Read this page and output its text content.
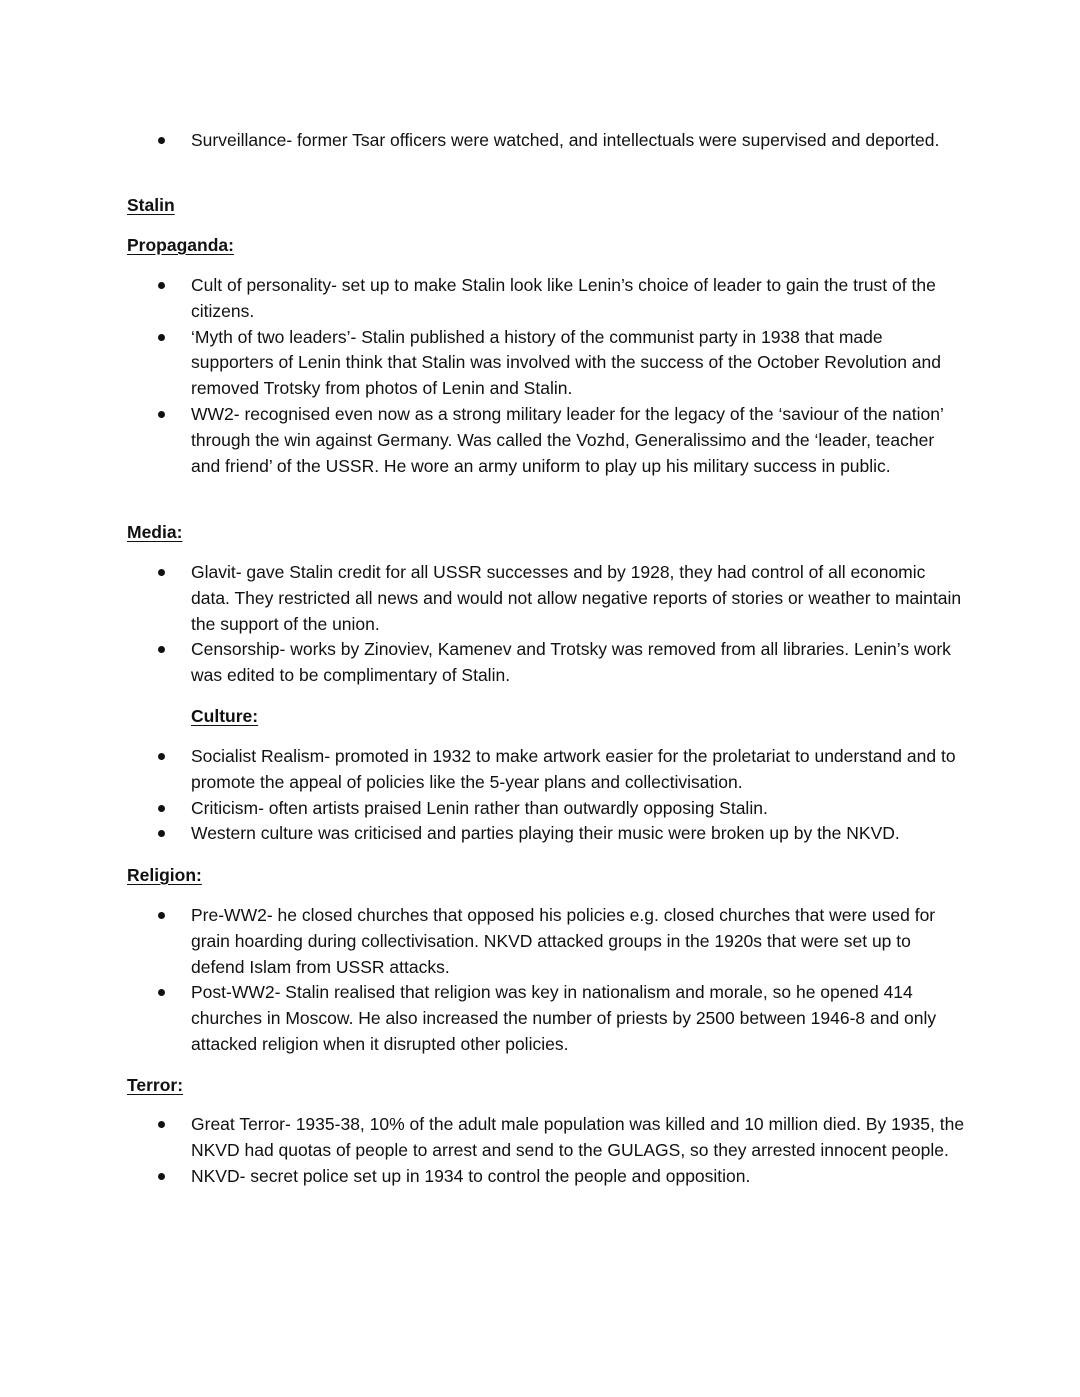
Surveillance- former Tsar officers were watched, and intellectuals were supervised and deported.
Stalin
Propaganda:
Cult of personality- set up to make Stalin look like Lenin’s choice of leader to gain the trust of the citizens.
‘Myth of two leaders’- Stalin published a history of the communist party in 1938 that made supporters of Lenin think that Stalin was involved with the success of the October Revolution and removed Trotsky from photos of Lenin and Stalin.
WW2- recognised even now as a strong military leader for the legacy of the ‘saviour of the nation’ through the win against Germany. Was called the Vozhd, Generalissimo and the ‘leader, teacher and friend’ of the USSR. He wore an army uniform to play up his military success in public.
Media:
Glavit- gave Stalin credit for all USSR successes and by 1928, they had control of all economic data. They restricted all news and would not allow negative reports of stories or weather to maintain the support of the union.
Censorship- works by Zinoviev, Kamenev and Trotsky was removed from all libraries. Lenin’s work was edited to be complimentary of Stalin.
Culture:
Socialist Realism- promoted in 1932 to make artwork easier for the proletariat to understand and to promote the appeal of policies like the 5-year plans and collectivisation.
Criticism- often artists praised Lenin rather than outwardly opposing Stalin.
Western culture was criticised and parties playing their music were broken up by the NKVD.
Religion:
Pre-WW2- he closed churches that opposed his policies e.g. closed churches that were used for grain hoarding during collectivisation. NKVD attacked groups in the 1920s that were set up to defend Islam from USSR attacks.
Post-WW2- Stalin realised that religion was key in nationalism and morale, so he opened 414 churches in Moscow. He also increased the number of priests by 2500 between 1946-8 and only attacked religion when it disrupted other policies.
Terror:
Great Terror- 1935-38, 10% of the adult male population was killed and 10 million died. By 1935, the NKVD had quotas of people to arrest and send to the GULAGS, so they arrested innocent people.
NKVD- secret police set up in 1934 to control the people and opposition.
